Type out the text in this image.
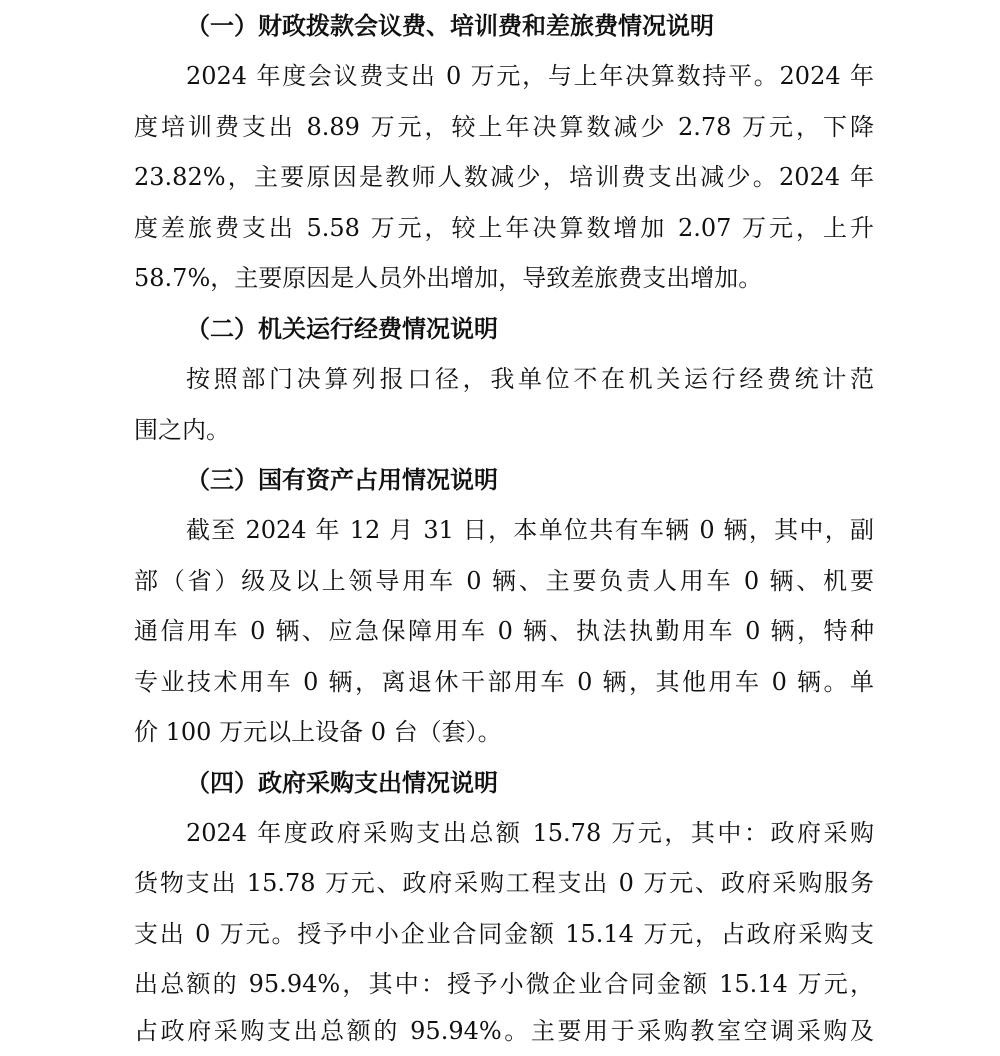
（一）财政拨款会议费、培训费和差旅费情况说明
2024 年度会议费支出 0 万元，与上年决算数持平。2024 年
度培训费支出 8.89 万元，较上年决算数减少 2.78 万元，下降
23.82%，主要原因是教师人数减少，培训费支出减少。2024 年
度差旅费支出 5.58 万元，较上年决算数增加 2.07 万元，上升
58.7%，主要原因是人员外出增加，导致差旅费支出增加。
（二）机关运行经费情况说明
按照部门决算列报口径，我单位不在机关运行经费统计范
围之内。
（三）国有资产占用情况说明
截至 2024 年 12 月 31 日，本单位共有车辆 0 辆，其中，副
部（省）级及以上领导用车 0 辆、主要负责人用车 0 辆、机要
通信用车 0 辆、应急保障用车 0 辆、执法执勤用车 0 辆，特种
专业技术用车 0 辆，离退休干部用车 0 辆，其他用车 0 辆。单
价 100 万元以上设备 0 台（套）。
（四）政府采购支出情况说明
2024 年度政府采购支出总额 15.78 万元，其中：政府采购
货物支出 15.78 万元、政府采购工程支出 0 万元、政府采购服务
支出 0 万元。授予中小企业合同金额 15.14 万元，占政府采购支
出总额的 95.94%，其中：授予小微企业合同金额 15.14 万元，
占政府采购支出总额的 95.94%。主要用于采购教室空调采购及
